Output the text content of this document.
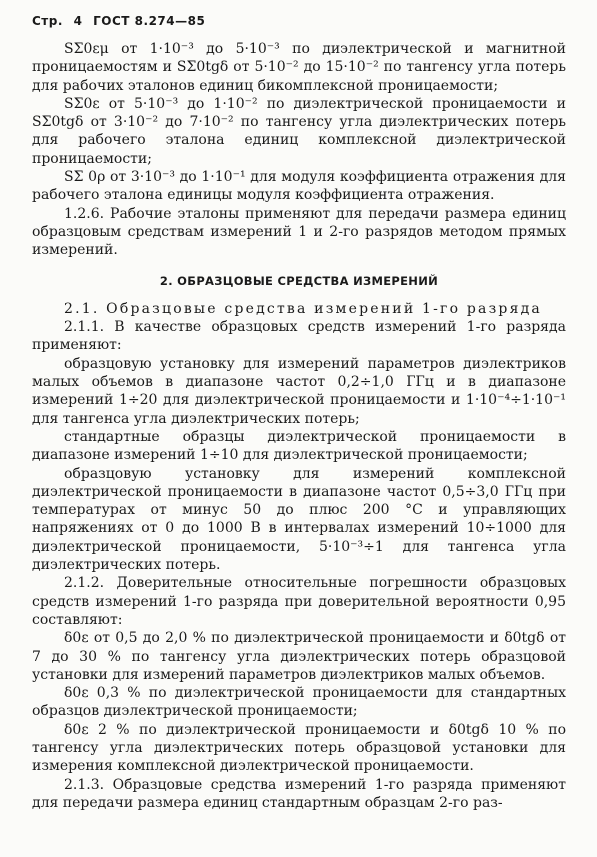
Стр. 4 ГОСТ 8.274—85

SΣ0εμ от 1·10⁻³ до 5·10⁻³ по диэлектрической и магнитной проницаемостям и SΣ0tgδ от 5·10⁻² до 15·10⁻² по тангенсу угла потерь для рабочих эталонов единиц бикомплексной проницаемости;

SΣ0ε от 5·10⁻³ до 1·10⁻² по диэлектрической проницаемости и SΣ0tgδ от 3·10⁻² до 7·10⁻² по тангенсу угла диэлектрических потерь для рабочего эталона единиц комплексной диэлектрической проницаемости;

SΣ 0ρ от 3·10⁻³ до 1·10⁻¹ для модуля коэффициента отражения для рабочего эталона единицы модуля коэффициента отражения.

1.2.6. Рабочие эталоны применяют для передачи размера единиц образцовым средствам измерений 1 и 2-го разрядов методом прямых измерений.

2. ОБРАЗЦОВЫЕ СРЕДСТВА ИЗМЕРЕНИЙ

2.1. Образцовые средства измерений 1-го разряда

2.1.1. В качестве образцовых средств измерений 1-го разряда применяют:

образцовую установку для измерений параметров диэлектриков малых объемов в диапазоне частот 0,2÷1,0 ГГц и в диапазоне измерений 1÷20 для диэлектрической проницаемости и 1·10⁻⁴÷1·10⁻¹ для тангенса угла диэлектрических потерь;

стандартные образцы диэлектрической проницаемости в диапазоне измерений 1÷10 для диэлектрической проницаемости;

образцовую установку для измерений комплексной диэлектрической проницаемости в диапазоне частот 0,5÷3,0 ГГц при температурах от минус 50 до плюс 200 °C и управляющих напряжениях от 0 до 1000 В в интервалах измерений 10÷1000 для диэлектрической проницаемости, 5·10⁻³÷1 для тангенса угла диэлектрических потерь.

2.1.2. Доверительные относительные погрешности образцовых средств измерений 1-го разряда при доверительной вероятности 0,95 составляют:

δ0ε от 0,5 до 2,0 % по диэлектрической проницаемости и δ0tgδ от 7 до 30 % по тангенсу угла диэлектрических потерь образцовой установки для измерений параметров диэлектриков малых объемов.

δ0ε 0,3 % по диэлектрической проницаемости для стандартных образцов диэлектрической проницаемости;

δ0ε 2 % по диэлектрической проницаемости и δ0tgδ 10 % по тангенсу угла диэлектрических потерь образцовой установки для измерения комплексной диэлектрической проницаемости.

2.1.3. Образцовые средства измерений 1-го разряда применяют для передачи размера единиц стандартным образцам 2-го раз-
